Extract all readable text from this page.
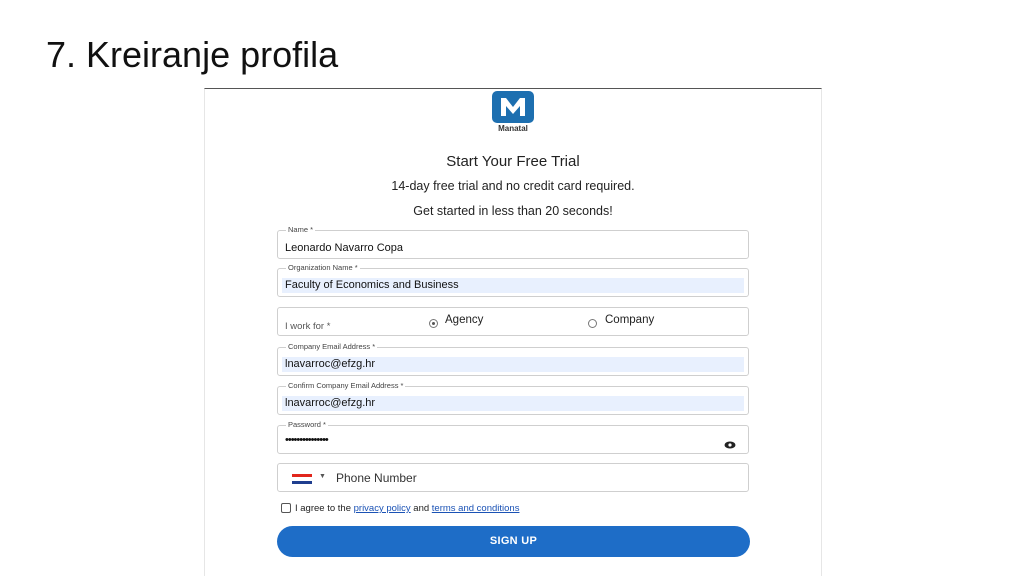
7. Kreiranje profila
Manatal
Start Your Free Trial
14-day free trial and no credit card required.
Get started in less than 20 seconds!
Name *
Leonardo Navarro Copa
Organization Name *
Faculty of Economics and Business
I work for *
Agency	Company
Company Email Address *
lnavarroc@efzg.hr
Confirm Company Email Address *
lnavarroc@efzg.hr
Password *
•••••••••••••••
▼ Phone Number
I agree to the privacy policy and terms and conditions
SIGN UP
